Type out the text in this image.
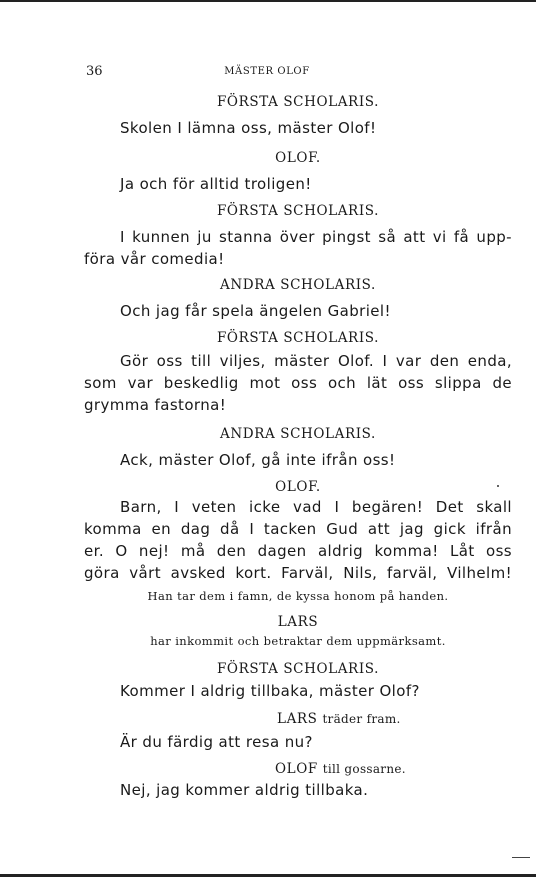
36	MÄSTER OLOF
FÖRSTA SCHOLARIS.
Skolen I lämna oss, mäster Olof!
OLOF.
Ja och för alltid troligen!
FÖRSTA SCHOLARIS.

I kunnen ju stanna över pingst så att vi få upp-

föra vår comedia!

ANDRA SCHOLARIS.
Och jag får spela ängelen Gabriel!
FÖRSTA SCHOLARIS.

Gör oss till viljes, mäster Olof. I var den enda,

som var beskedlig mot oss och lät oss slippa de

grymma fastorna!

ANDRA SCHOLARIS.
Ack, mäster Olof, gå inte ifrån oss!
OLOF.

Barn, I veten icke vad I begären! Det skall

komma en dag då I tacken Gud att jag gick ifrån

er. O nej! må den dagen aldrig komma! Låt oss

göra vårt avsked kort. Farväl, Nils, farväl, Vilhelm!

Han tar dem i famn, de kyssa honom på handen.
LARS
har inkommit och betraktar dem uppmärksamt.
FÖRSTA SCHOLARIS.
Kommer I aldrig tillbaka, mäster Olof?
LARS träder fram.
Är du färdig att resa nu?
OLOF till gossarne.
Nej, jag kommer aldrig tillbaka.
